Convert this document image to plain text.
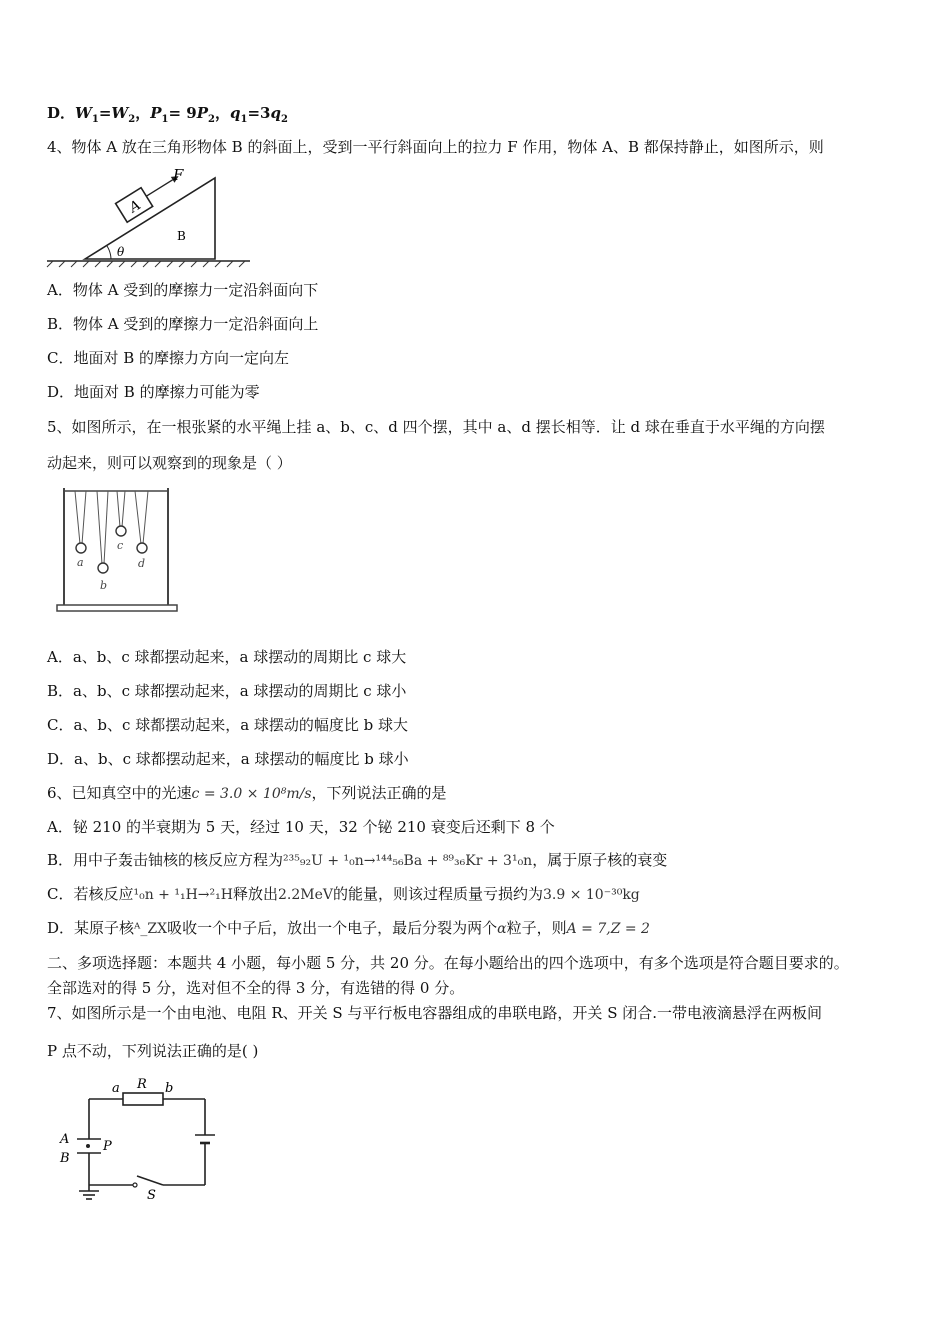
D．$W_1=W_2$，$P_1= 9P_2$，$q_1=3q_2$
4、物体 A 放在三角形物体 B 的斜面上，受到一平行斜面向上的拉力 F 作用，物体 A、B 都保持静止，如图所示，则
A
F
B
θ
A．物体 A 受到的摩擦力一定沿斜面向下
B．物体 A 受到的摩擦力一定沿斜面向上
C．地面对 B 的摩擦力方向一定向左
D．地面对 B 的摩擦力可能为零
5、如图所示，在一根张紧的水平绳上挂 a、b、c、d 四个摆，其中 a、d 摆长相等．让 d 球在垂直于水平绳的方向摆
动起来，则可以观察到的现象是（ ）
a
b
c
d
A．a、b、c 球都摆动起来，a 球摆动的周期比 c 球大
B．a、b、c 球都摆动起来，a 球摆动的周期比 c 球小
C．a、b、c 球都摆动起来，a 球摆动的幅度比 b 球大
D．a、b、c 球都摆动起来，a 球摆动的幅度比 b 球小
6、已知真空中的光速c = 3.0 × 10⁸m/s，下列说法正确的是
A．铋 210 的半衰期为 5 天，经过 10 天，32 个铋 210 衰变后还剩下 8 个
B．用中子轰击铀核的核反应方程为²³⁵₉₂U + ¹₀n→¹⁴⁴₅₆Ba + ⁸⁹₃₆Kr + 3¹₀n，属于原子核的衰变
C．若核反应¹₀n + ¹₁H→²₁H释放出2.2MeV的能量，则该过程质量亏损约为3.9 × 10⁻³⁰kg
D．某原子核ᴬ_ZX吸收一个中子后，放出一个电子，最后分裂为两个α粒子，则A = 7,Z = 2
二、多项选择题：本题共 4 小题，每小题 5 分，共 20 分。在每小题给出的四个选项中，有多个选项是符合题目要求的。
全部选对的得 5 分，选对但不全的得 3 分，有选错的得 0 分。
7、如图所示是一个由电池、电阻 R、开关 S 与平行板电容器组成的串联电路，开关 S 闭合.一带电液滴悬浮在两板间
P 点不动，下列说法正确的是( )
a R b
A
B
P
S
